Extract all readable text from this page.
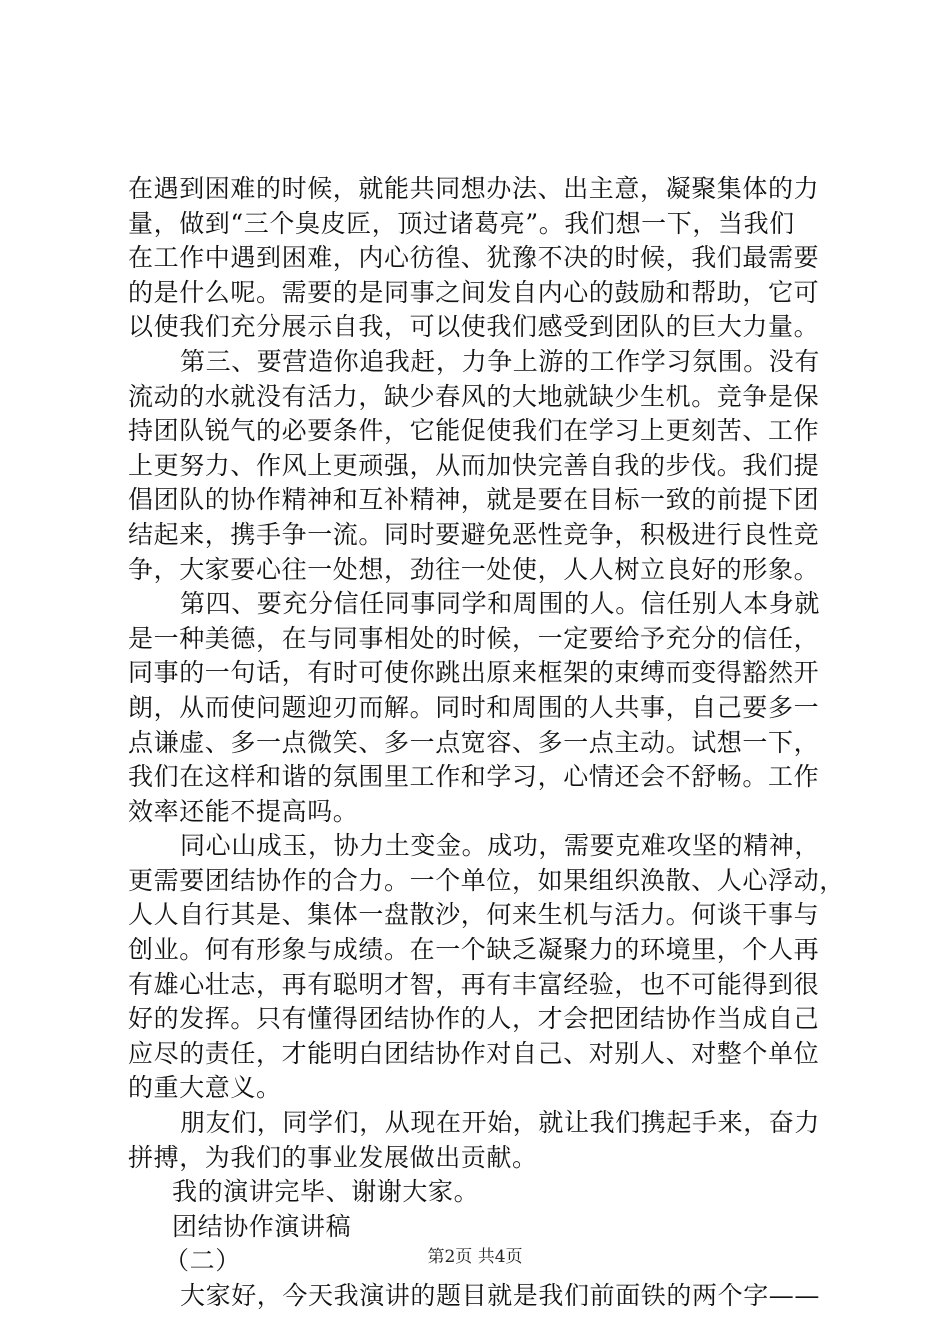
在遇到困难的时候，就能共同想办法、出主意，凝聚集体的力
量，做到“三个臭皮匠，顶过诸葛亮”。我们想一下，当我们
在工作中遇到困难，内心彷徨、犹豫不决的时候，我们最需要
的是什么呢。需要的是同事之间发自内心的鼓励和帮助，它可
以使我们充分展示自我，可以使我们感受到团队的巨大力量。
第三、要营造你追我赶，力争上游的工作学习氛围。没有
流动的水就没有活力，缺少春风的大地就缺少生机。竞争是保
持团队锐气的必要条件，它能促使我们在学习上更刻苦、工作
上更努力、作风上更顽强，从而加快完善自我的步伐。我们提
倡团队的协作精神和互补精神，就是要在目标一致的前提下团
结起来，携手争一流。同时要避免恶性竞争，积极进行良性竞
争，大家要心往一处想，劲往一处使，人人树立良好的形象。
第四、要充分信任同事同学和周围的人。信任别人本身就
是一种美德，在与同事相处的时候，一定要给予充分的信任，
同事的一句话，有时可使你跳出原来框架的束缚而变得豁然开
朗，从而使问题迎刃而解。同时和周围的人共事，自己要多一
点谦虚、多一点微笑、多一点宽容、多一点主动。试想一下，
我们在这样和谐的氛围里工作和学习，心情还会不舒畅。工作
效率还能不提高吗。
同心山成玉，协力土变金。成功，需要克难攻坚的精神，
更需要团结协作的合力。一个单位，如果组织涣散、人心浮动，
人人自行其是、集体一盘散沙，何来生机与活力。何谈干事与
创业。何有形象与成绩。在一个缺乏凝聚力的环境里，个人再
有雄心壮志，再有聪明才智，再有丰富经验，也不可能得到很
好的发挥。只有懂得团结协作的人，才会把团结协作当成自己
应尽的责任，才能明白团结协作对自己、对别人、对整个单位
的重大意义。
朋友们，同学们，从现在开始，就让我们携起手来，奋力
拼搏，为我们的事业发展做出贡献。
我的演讲完毕、谢谢大家。
团结协作演讲稿
（二）
大家好，今天我演讲的题目就是我们前面铁的两个字——
第2页 共4页
